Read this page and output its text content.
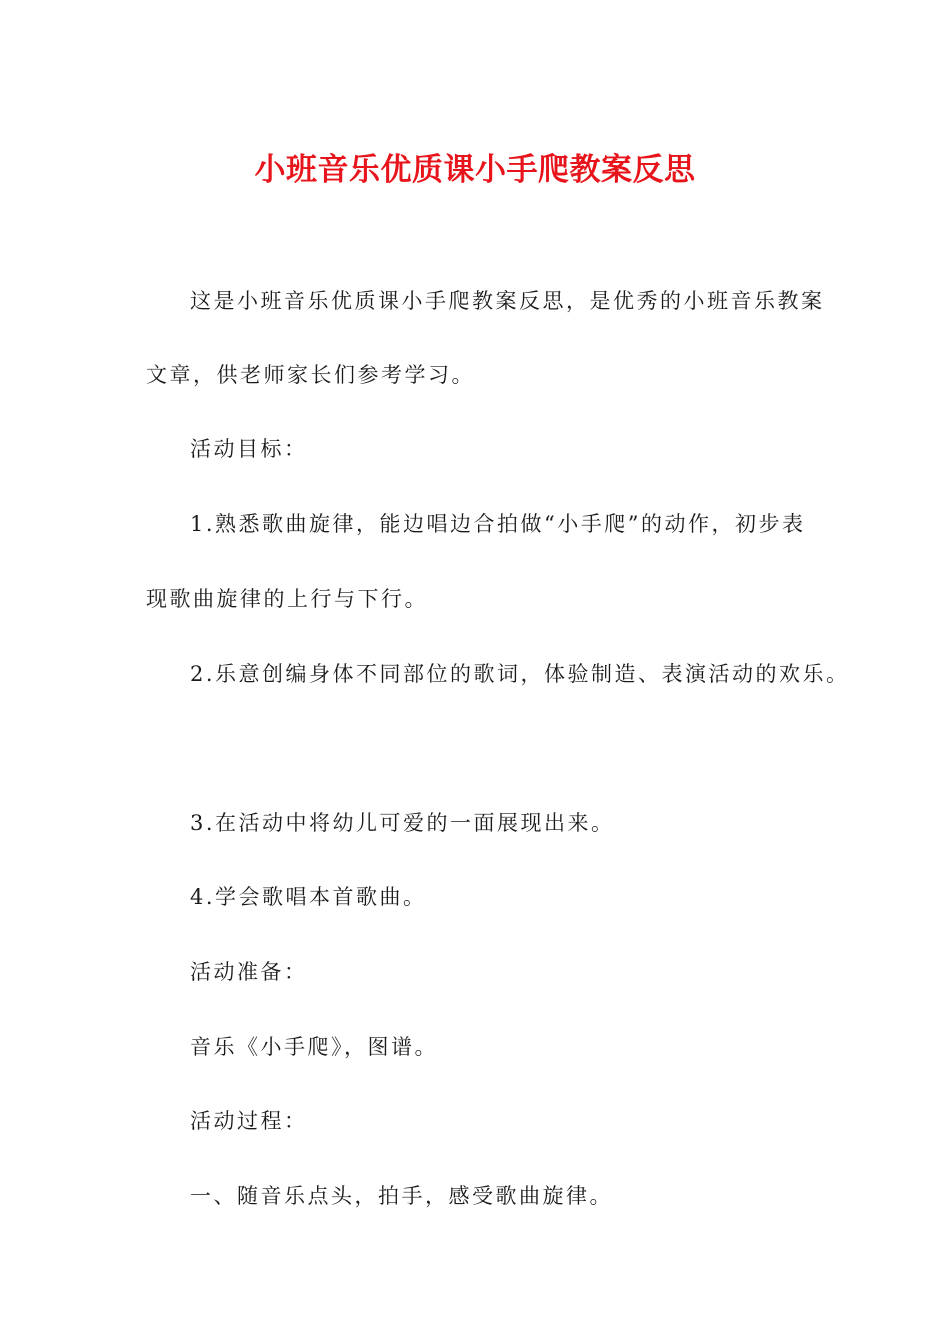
小班音乐优质课小手爬教案反思
这是小班音乐优质课小手爬教案反思，是优秀的小班音乐教案
文章，供老师家长们参考学习。
活动目标：
1.熟悉歌曲旋律，能边唱边合拍做“小手爬”的动作，初步表
现歌曲旋律的上行与下行。
2.乐意创编身体不同部位的歌词，体验制造、表演活动的欢乐。
3.在活动中将幼儿可爱的一面展现出来。
4.学会歌唱本首歌曲。
活动准备：
音乐《小手爬》，图谱。
活动过程：
一、随音乐点头，拍手，感受歌曲旋律。
